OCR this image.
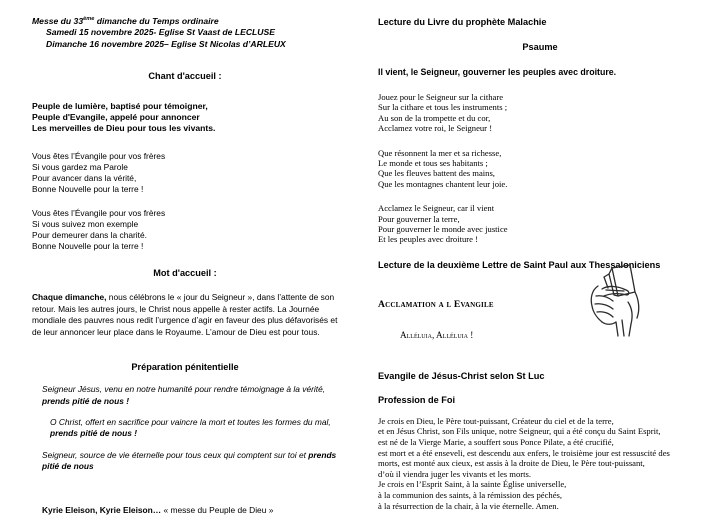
Messe du 33ème dimanche du Temps ordinaire
Samedi 15 novembre 2025- Eglise St Vaast de LECLUSE
Dimanche 16 novembre 2025– Eglise St Nicolas d’ARLEUX
Chant d'accueil :
Peuple de lumière, baptisé pour témoigner,
Peuple d'Evangile, appelé pour annoncer
Les merveilles de Dieu pour tous les vivants.
Vous êtes l’Évangile pour vos frères
Si vous gardez ma Parole
Pour avancer dans la vérité,
Bonne Nouvelle pour la terre !
Vous êtes l’Évangile pour vos frères
Si vous suivez mon exemple
Pour demeurer dans la charité.
Bonne Nouvelle pour la terre !
Mot d'accueil :
Chaque dimanche, nous célébrons le « jour du Seigneur », dans l’attente de son retour. Mais les autres jours, le Christ nous appelle à rester actifs. La Journée mondiale des pauvres nous redit l’urgence d’agir en faveur des plus défavorisés et de leur annoncer leur place dans le Royaume. L’amour de Dieu est pour tous.
Préparation pénitentielle
Seigneur Jésus, venu en notre humanité pour rendre témoignage à la vérité, prends pitié de nous !
O Christ, offert en sacrifice pour vaincre la mort et toutes les formes du mal, prends pitié de nous !
Seigneur, source de vie éternelle pour tous ceux qui comptent sur toi et prends pitié de nous
Kyrie Eleison, Kyrie Eleison… « messe du Peuple de Dieu »
Lecture du Livre du prophète Malachie
Psaume
Il vient, le Seigneur, gouverner les peuples avec droiture.
Jouez pour le Seigneur sur la cithare
Sur la cithare et tous les instruments ;
Au son de la trompette et du cor,
Acclamez votre roi, le Seigneur !
Que résonnent la mer et sa richesse,
Le monde et tous ses habitants ;
Que les fleuves battent des mains,
Que les montagnes chantent leur joie.
Acclamez le Seigneur, car il vient
Pour gouverner la terre,
Pour gouverner le monde avec justice
Et les peuples avec droiture !
Lecture de la deuxième Lettre de Saint Paul aux Thessaloniciens
Acclamation a l Evangile
Alléluia, Alléluia !
Evangile de Jésus-Christ selon St Luc
Profession de Foi
Je crois en Dieu, le Père tout-puissant, Créateur du ciel et de la terre,
et en Jésus Christ, son Fils unique, notre Seigneur, qui a été conçu du Saint Esprit,
est né de la Vierge Marie, a souffert sous Ponce Pilate, a été crucifié,
est mort et a été enseveli, est descendu aux enfers, le troisième jour est ressuscité des
morts, est monté aux cieux, est assis à la droite de Dieu, le Père tout-puissant,
d’où il viendra juger les vivants et les morts.
Je crois en l’Esprit Saint, à la sainte Église universelle,
à la communion des saints, à la rémission des péchés,
à la résurrection de la chair, à la vie éternelle. Amen.
